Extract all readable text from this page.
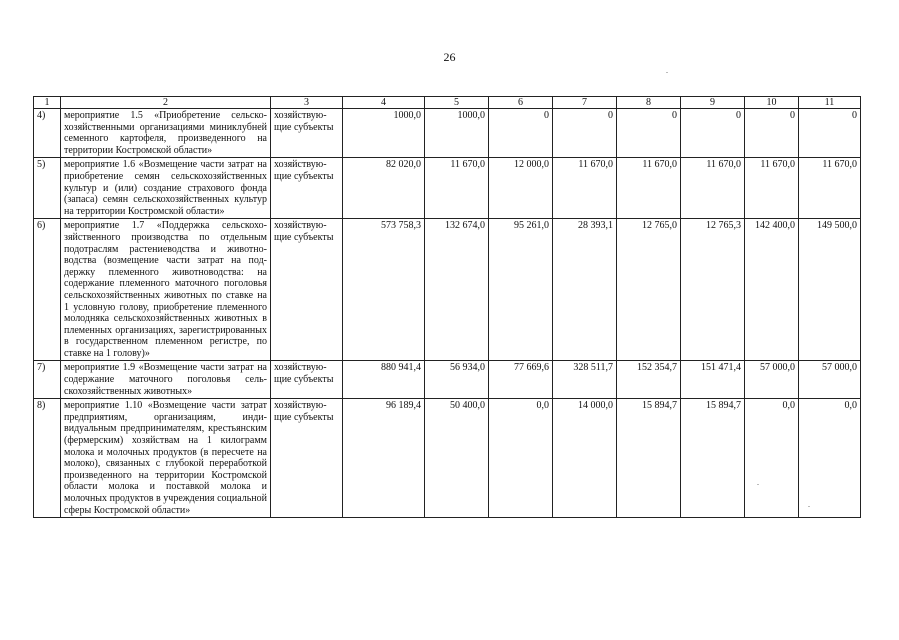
26
1	2	3	4	5	6	7	8	9	10	11
4)	мероприятие 1.5 «Приобретение сельскохозяйственными организациями миниклубней семенного картофеля, произведенного на территории Костромской области»	хозяйствующие субъекты	1000,0	1000,0	0	0	0	0	0	0
5)	мероприятие 1.6 «Возмещение части затрат на приобретение семян сельскохозяйственных культур и (или) создание страхового фонда (запаса) семян сельскохозяйственных культур на территории Костромской области»	хозяйствующие субъекты	82 020,0	11 670,0	12 000,0	11 670,0	11 670,0	11 670,0	11 670,0	11 670,0
6)	мероприятие 1.7 «Поддержка сельскохозяйственного производства по отдельным подотраслям растениеводства и животноводства (возмещение части затрат на поддержку племенного животноводства: на содержание племенного маточного поголовья сельскохозяйственных животных по ставке на 1 условную голову, приобретение племенного молодняка сельскохозяйственных животных в племенных организациях, зарегистрированных в государственном племенном регистре, по ставке на 1 голову)»	хозяйствующие субъекты	573 758,3	132 674,0	95 261,0	28 393,1	12 765,0	12 765,3	142 400,0	149 500,0
7)	мероприятие 1.9 «Возмещение части затрат на содержание маточного поголовья сельскохозяйственных животных»	хозяйствующие субъекты	880 941,4	56 934,0	77 669,6	328 511,7	152 354,7	151 471,4	57 000,0	57 000,0
8)	мероприятие 1.10 «Возмещение части затрат предприятиям, организациям, индивидуальным предпринимателям, крестьянским (фермерским) хозяйствам на 1 килограмм молока и молочных продуктов (в пересчете на молоко), связанных с глубокой переработкой произведенного на территории Костромской области молока и поставкой молока и молочных продуктов в учреждения социальной сферы Костромской области»	хозяйствующие субъекты	96 189,4	50 400,0	0,0	14 000,0	15 894,7	15 894,7	0,0	0,0
